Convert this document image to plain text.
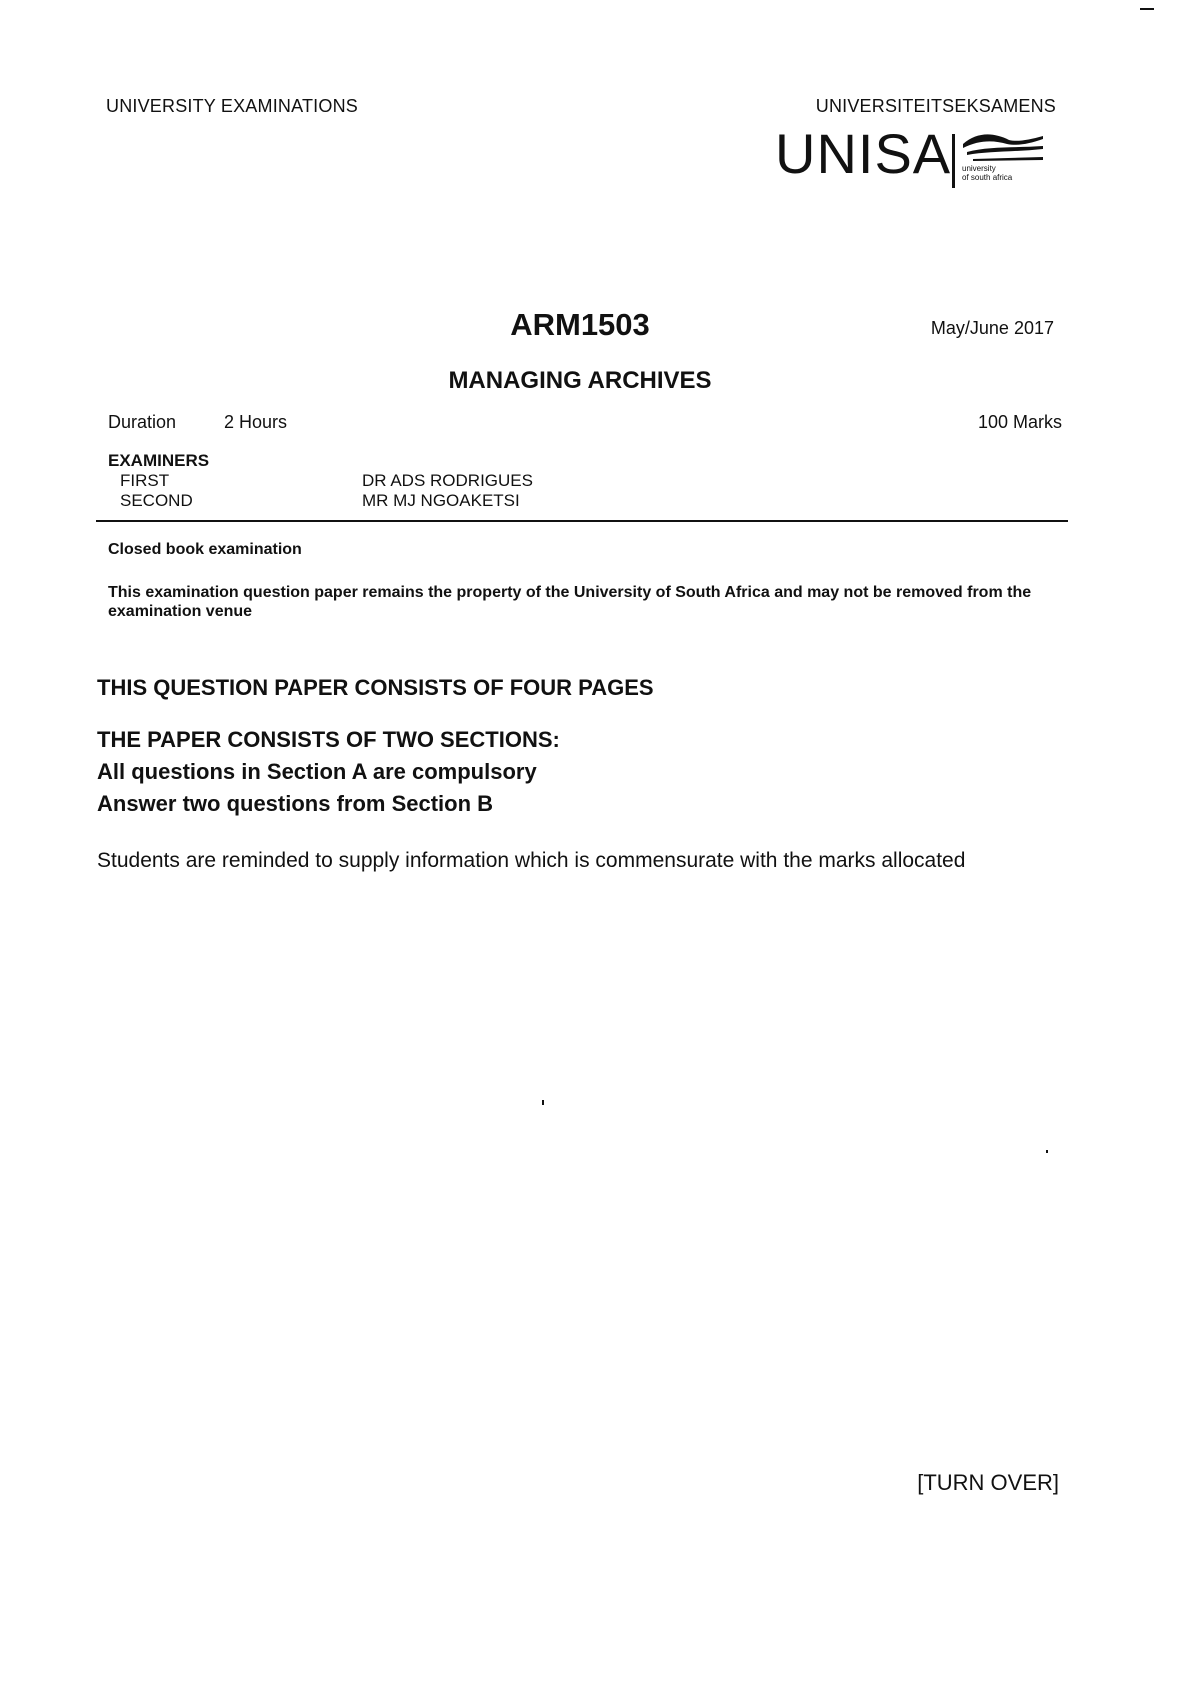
UNIVERSITY EXAMINATIONS	UNIVERSITEITSEKSAMENS
UNISA university
of south africa
ARM1503	May/June 2017
MANAGING ARCHIVES
Duration	2 Hours	100 Marks
EXAMINERS
FIRST	DR ADS RODRIGUES
SECOND	MR MJ NGOAKETSI
Closed book examination
This examination question paper remains the property of the University of South Africa and may not be removed from the examination venue
THIS QUESTION PAPER CONSISTS OF FOUR PAGES
THE PAPER CONSISTS OF TWO SECTIONS:
All questions in Section A are compulsory
Answer two questions from Section B
Students are reminded to supply information which is commensurate with the marks allocated
[TURN OVER]
